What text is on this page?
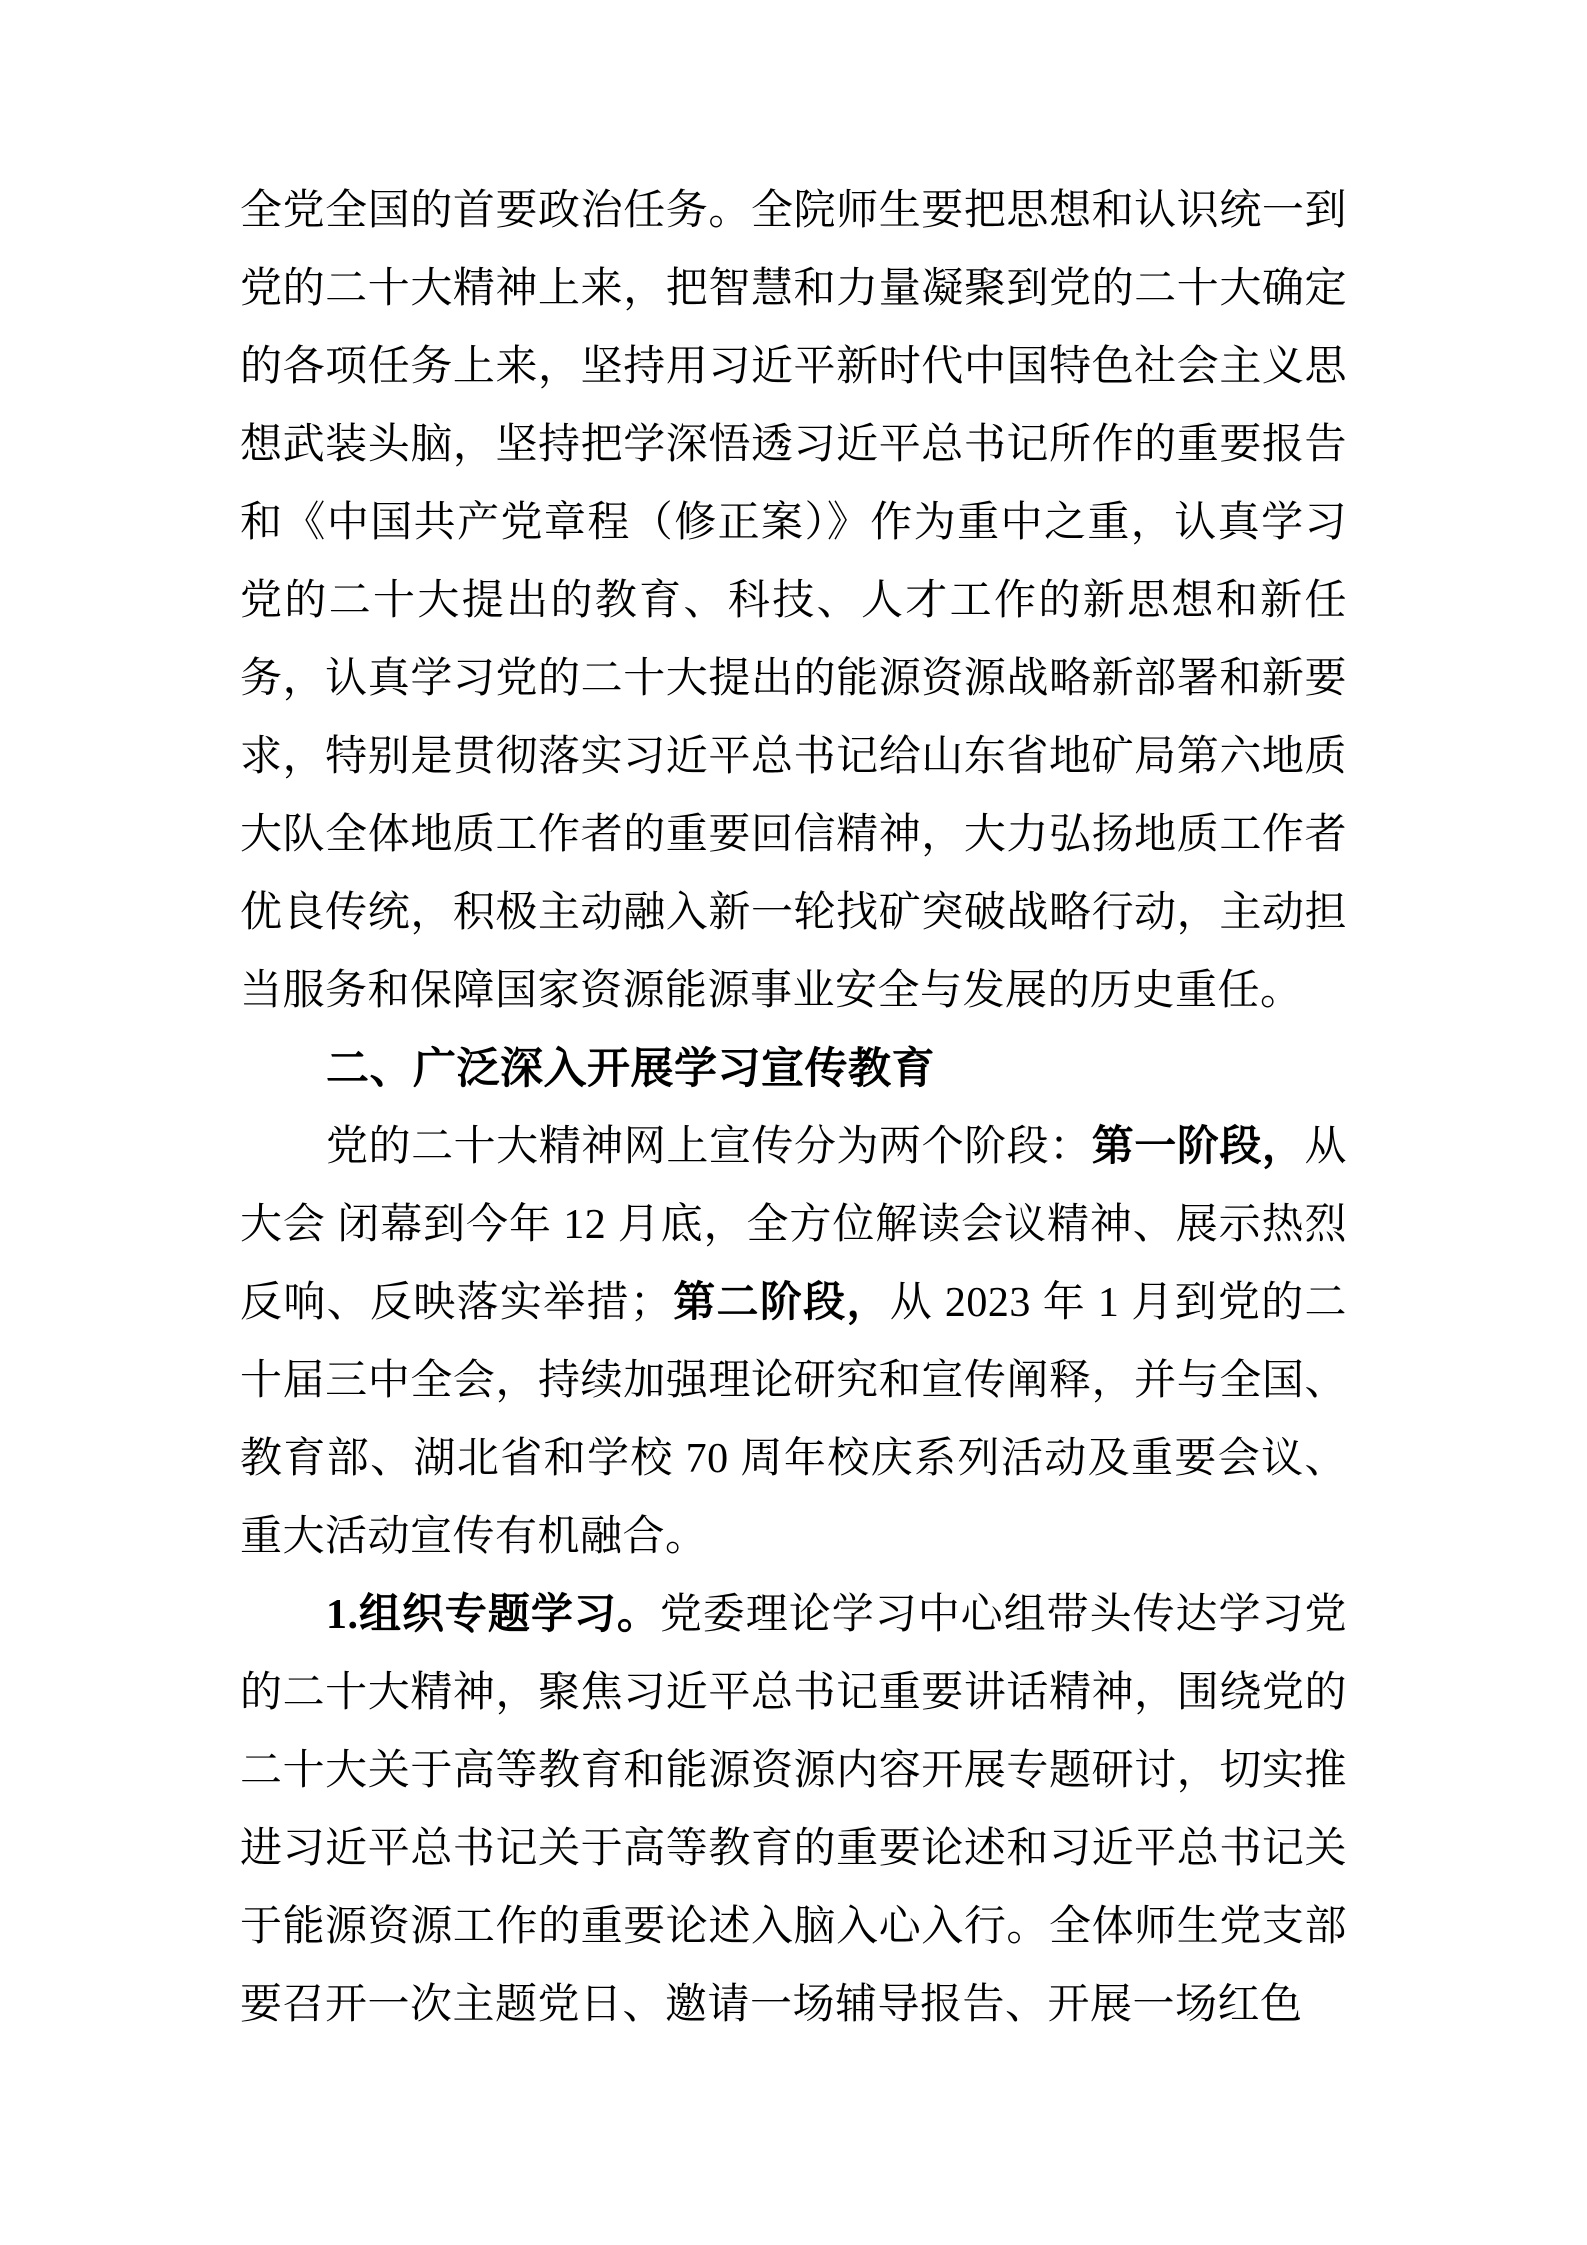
全党全国的首要政治任务。全院师生要把思想和认识统一到党的二十大精神上来，把智慧和力量凝聚到党的二十大确定的各项任务上来，坚持用习近平新时代中国特色社会主义思想武装头脑，坚持把学深悟透习近平总书记所作的重要报告和《中国共产党章程（修正案）》作为重中之重，认真学习党的二十大提出的教育、科技、人才工作的新思想和新任务，认真学习党的二十大提出的能源资源战略新部署和新要求，特别是贯彻落实习近平总书记给山东省地矿局第六地质大队全体地质工作者的重要回信精神，大力弘扬地质工作者优良传统，积极主动融入新一轮找矿突破战略行动，主动担当服务和保障国家资源能源事业安全与发展的历史重任。

二、广泛深入开展学习宣传教育

党的二十大精神网上宣传分为两个阶段：第一阶段，从大会 闭幕到今年 12 月底，全方位解读会议精神、展示热烈反响、反映落实举措；第二阶段，从 2023 年 1 月到党的二十届三中全会，持续加强理论研究和宣传阐释，并与全国、教育部、湖北省和学校 70 周年校庆系列活动及重要会议、重大活动宣传有机融合。

1.组织专题学习。党委理论学习中心组带头传达学习党的二十大精神，聚焦习近平总书记重要讲话精神，围绕党的二十大关于高等教育和能源资源内容开展专题研讨，切实推进习近平总书记关于高等教育的重要论述和习近平总书记关于能源资源工作的重要论述入脑入心入行。全体师生党支部要召开一次主题党日、邀请一场辅导报告、开展一场红色
